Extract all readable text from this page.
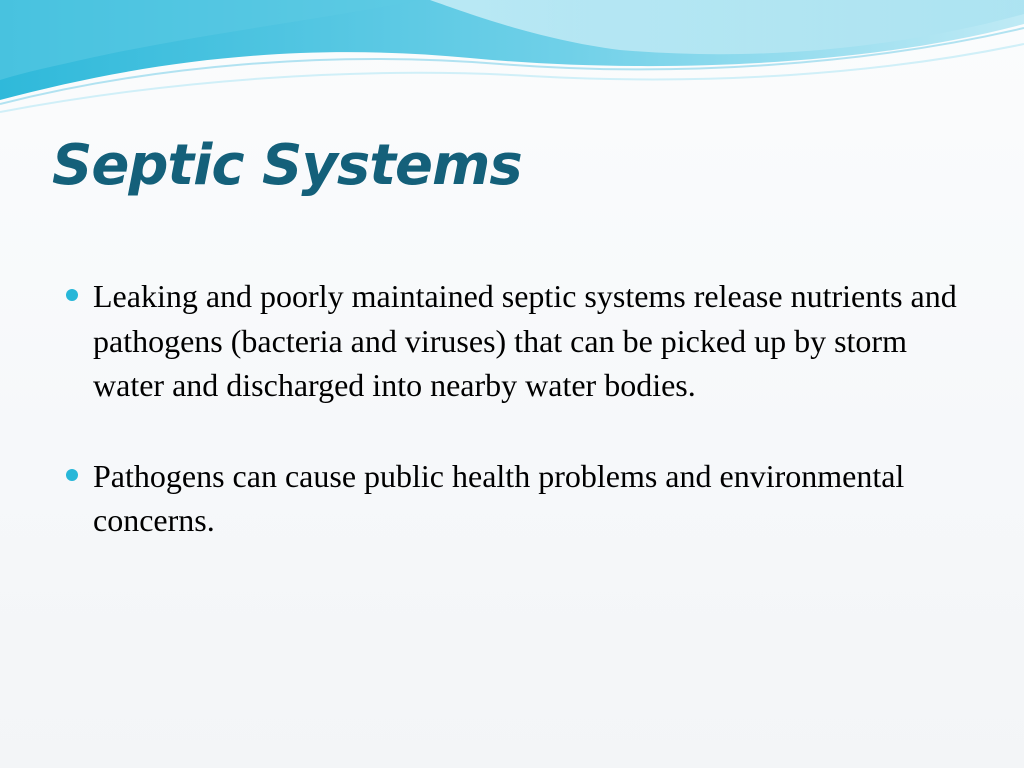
Septic Systems
Leaking and poorly maintained septic systems release nutrients and pathogens (bacteria and viruses) that can be picked up by storm water and discharged into nearby water bodies.
Pathogens can cause public health problems and environmental concerns.
